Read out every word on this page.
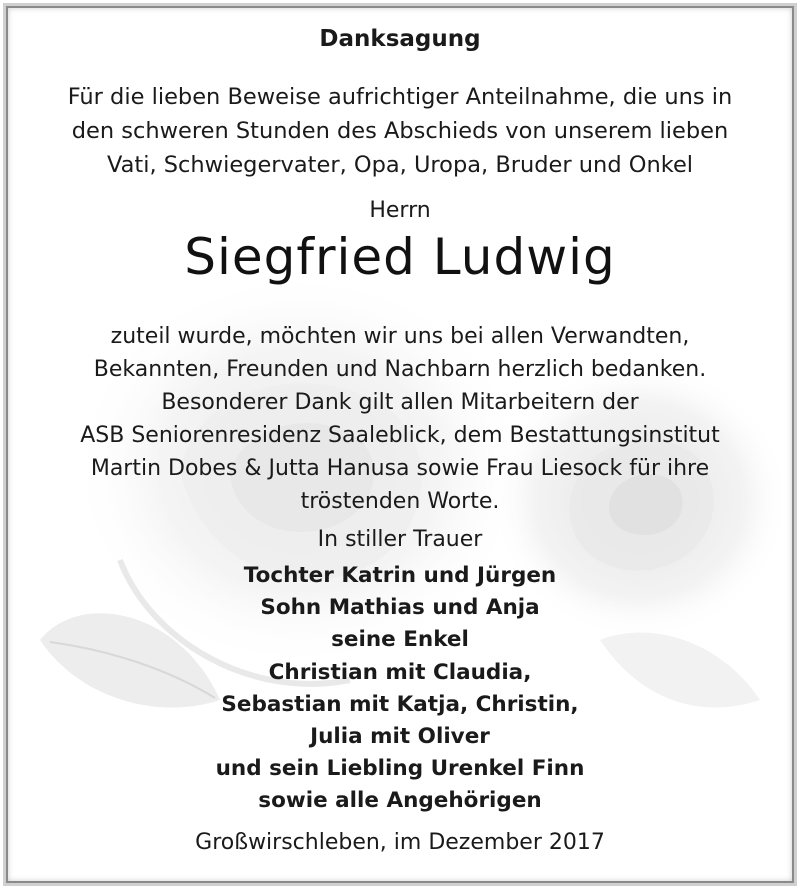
Danksagung
Für die lieben Beweise aufrichtiger Anteilnahme, die uns in
den schweren Stunden des Abschieds von unserem lieben
Vati, Schwiegervater, Opa, Uropa, Bruder und Onkel
Herrn
Siegfried Ludwig
zuteil wurde, möchten wir uns bei allen Verwandten,
Bekannten, Freunden und Nachbarn herzlich bedanken.
Besonderer Dank gilt allen Mitarbeitern der
ASB Seniorenresidenz Saaleblick, dem Bestattungsinstitut
Martin Dobes & Jutta Hanusa sowie Frau Liesock für ihre
tröstenden Worte.
In stiller Trauer
Tochter Katrin und Jürgen
Sohn Mathias und Anja
seine Enkel
Christian mit Claudia,
Sebastian mit Katja, Christin,
Julia mit Oliver
und sein Liebling Urenkel Finn
sowie alle Angehörigen
Großwirschleben, im Dezember 2017
